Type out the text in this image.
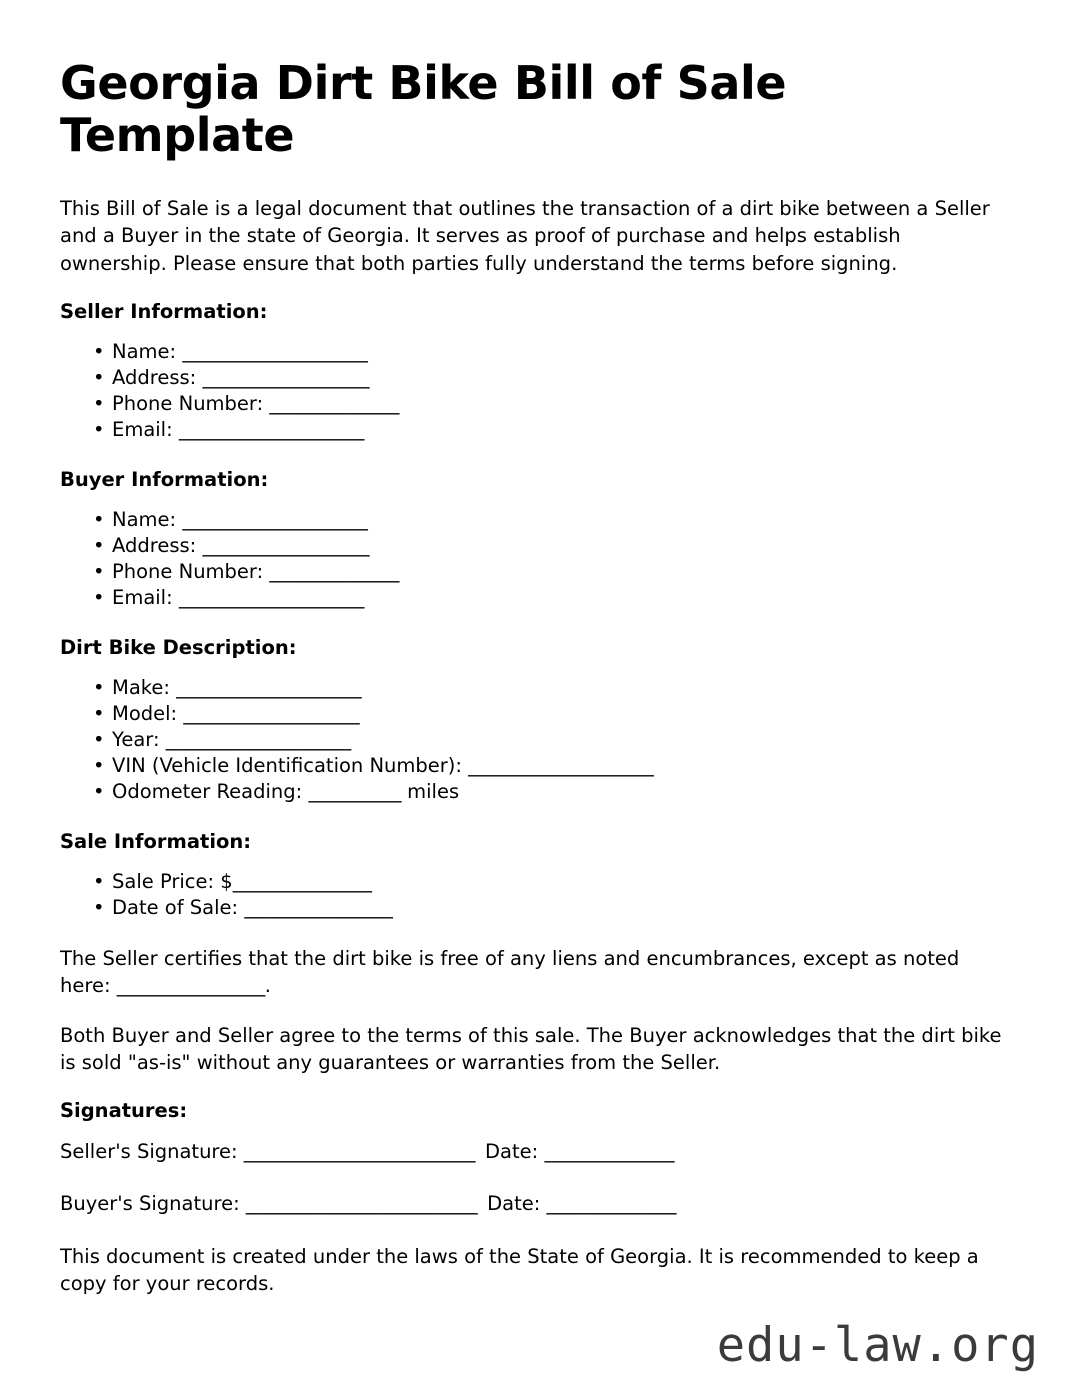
Georgia Dirt Bike Bill of Sale Template

This Bill of Sale is a legal document that outlines the transaction of a dirt bike between a Seller and a Buyer in the state of Georgia. It serves as proof of purchase and helps establish ownership. Please ensure that both parties fully understand the terms before signing.

Seller Information:
• Name: ____________________
• Address: __________________
• Phone Number: ______________
• Email: ____________________
Buyer Information:
• Name: ____________________
• Address: __________________
• Phone Number: ______________
• Email: ____________________
Dirt Bike Description:
• Make: ____________________
• Model: ___________________
• Year: ____________________
• VIN (Vehicle Identification Number): ____________________
• Odometer Reading: __________ miles
Sale Information:
• Sale Price: $_______________
• Date of Sale: ________________

The Seller certifies that the dirt bike is free of any liens and encumbrances, except as noted here: ________________.

Both Buyer and Seller agree to the terms of this sale. The Buyer acknowledges that the dirt bike is sold "as-is" without any guarantees or warranties from the Seller.

Signatures:
Seller's Signature: _________________________ Date: ______________
Buyer's Signature: _________________________ Date: ______________

This document is created under the laws of the State of Georgia. It is recommended to keep a copy for your records.

edu-law.org
